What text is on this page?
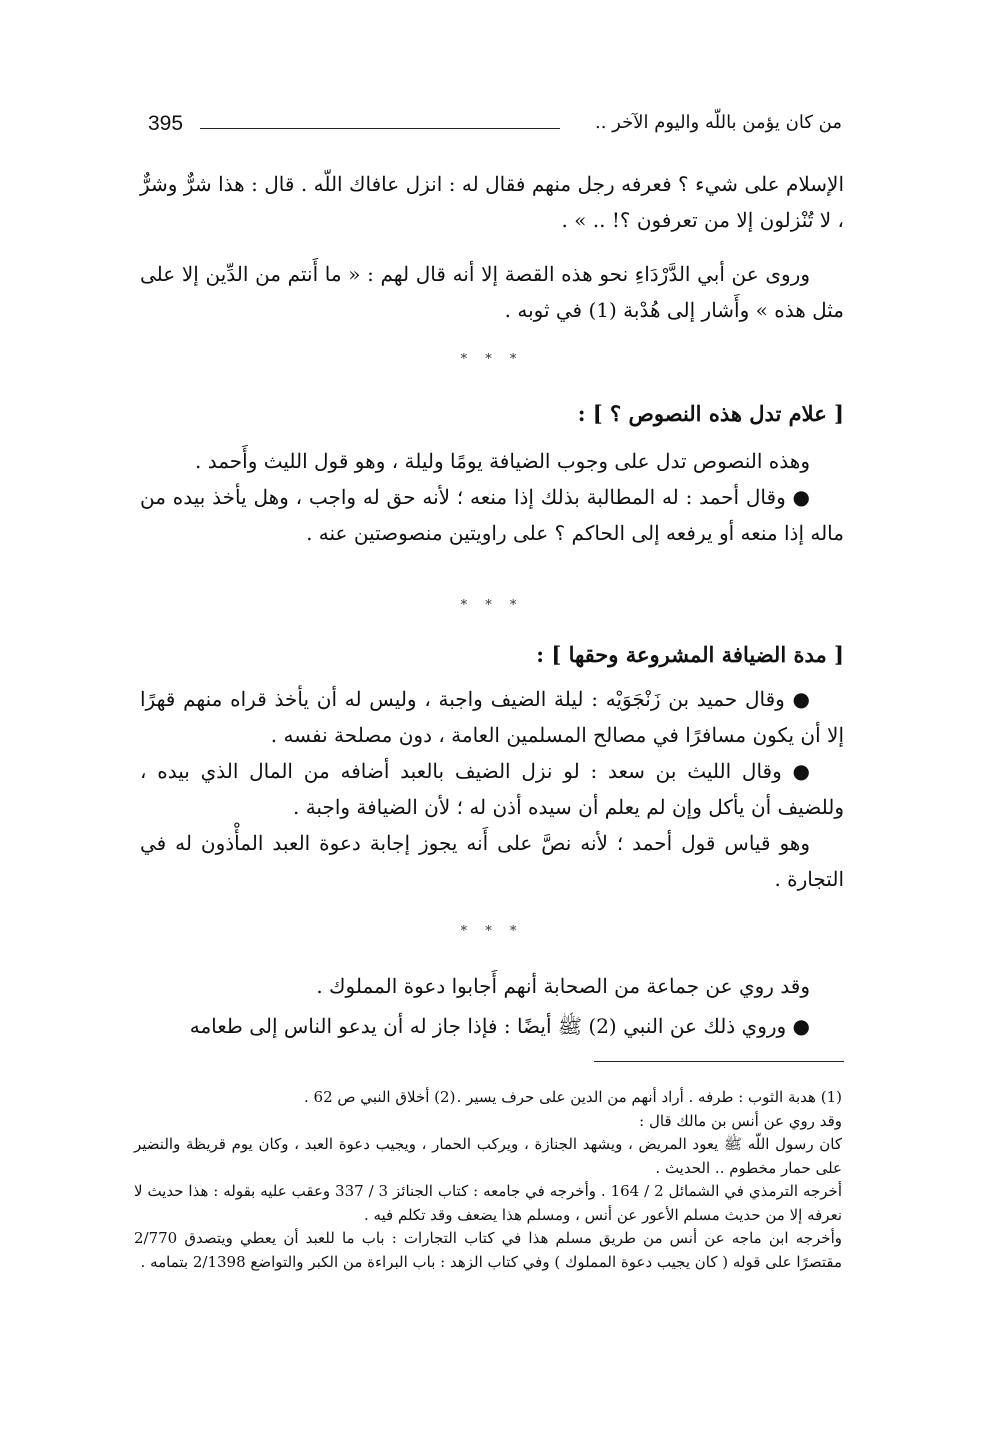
395	من كان يؤمن باللّه واليوم الآخر ..

الإسلام على شيء ؟ فعرفه رجل منهم فقال له : انزل عافاك اللّه . قال : هذا شرٌّ وشرٌّ ، لا تُنْزلون إلا من تعرفون ؟! .. » .

وروى عن أبي الدَّرْدَاءِ نحو هذه القصة إلا أنه قال لهم : « ما أَنتم من الدِّين إلا على مثل هذه » وأَشار إلى هُدْبة (1) في ثوبه .

* * *

[ علام تدل هذه النصوص ؟ ] :

وهذه النصوص تدل على وجوب الضيافة يومًا وليلة ، وهو قول الليث وأَحمد .

● وقال أحمد : له المطالبة بذلك إذا منعه ؛ لأنه حق له واجب ، وهل يأخذ بيده من ماله إذا منعه أو يرفعه إلى الحاكم ؟ على راويتين منصوصتين عنه .

* * *

[ مدة الضيافة المشروعة وحقها ] :

● وقال حميد بن زَنْجَوَيْه : ليلة الضيف واجبة ، وليس له أن يأخذ قراه منهم قهرًا إلا أن يكون مسافرًا في مصالح المسلمين العامة ، دون مصلحة نفسه .

● وقال الليث بن سعد : لو نزل الضيف بالعبد أضافه من المال الذي بيده ، وللضيف أن يأكل وإن لم يعلم أن سيده أذن له ؛ لأن الضيافة واجبة .

وهو قياس قول أحمد ؛ لأنه نصَّ على أَنه يجوز إجابة دعوة العبد المأْذون له في التجارة .

* * *

وقد روي عن جماعة من الصحابة أنهم أَجابوا دعوة المملوك .

● وروي ذلك عن النبي (2) ﷺ أيضًا : فإذا جاز له أن يدعو الناس إلى طعامه

(1) هدبة الثوب : طرفه . أراد أنهم من الدين على حرف يسير .
(2) أخلاق النبي ص 62 .

وقد روي عن أنس بن مالك قال :

كان رسول اللّه ﷺ يعود المريض ، ويشهد الجنازة ، ويركب الحمار ، ويجيب دعوة العبد ، وكان يوم قريظة والنضير على حمار مخطوم .. الحديث .

أخرجه الترمذي في الشمائل 2 / 164 . وأخرجه في جامعه : كتاب الجنائز 3 / 337 وعقب عليه بقوله : هذا حديث لا نعرفه إلا من حديث مسلم الأعور عن أنس ، ومسلم هذا يضعف وقد تكلم فيه .

وأخرجه ابن ماجه عن أنس من طريق مسلم هذا في كتاب التجارات : باب ما للعبد أن يعطي ويتصدق 2/770 مقتصرًا على قوله ( كان يجيب دعوة المملوك ) وفي كتاب الزهد : باب البراءة من الكبر والتواضع 2/1398 بتمامه .
